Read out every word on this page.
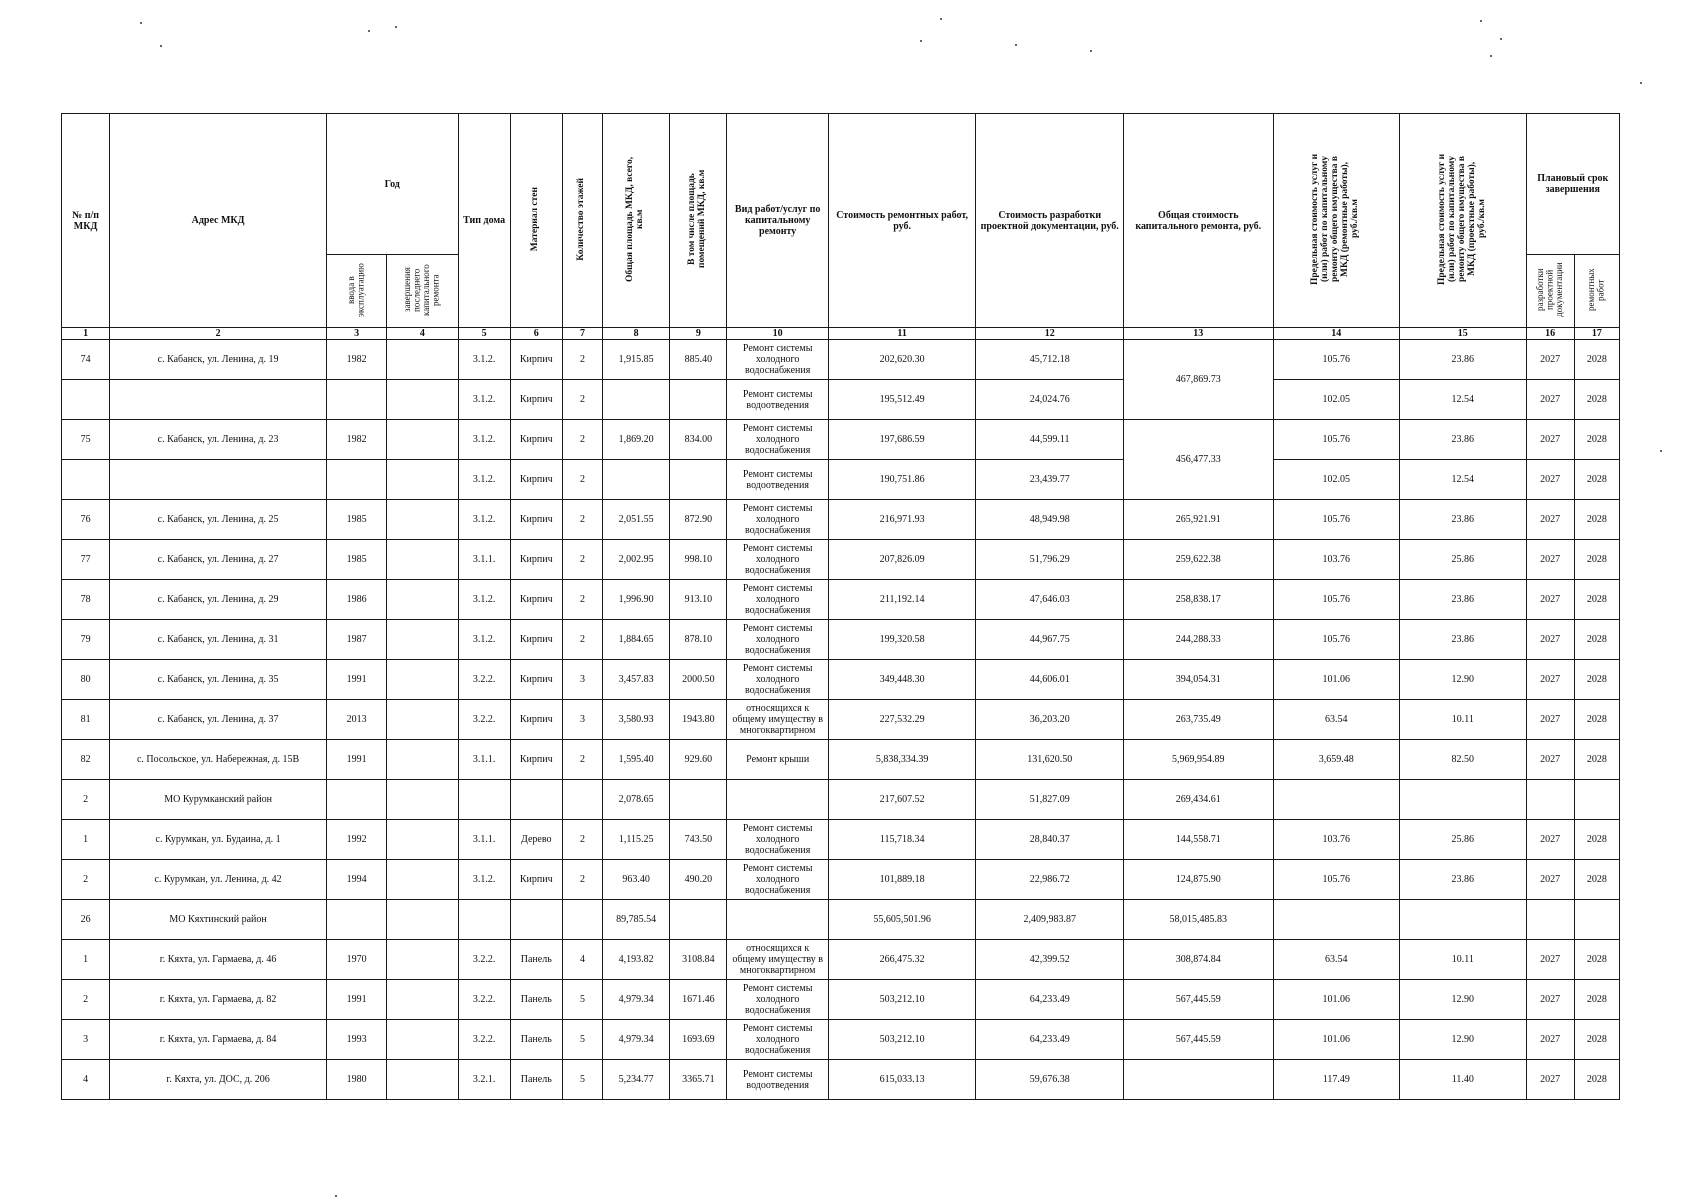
№ п/п МКД	Адрес МКД	Год		Тип дома	Материал стен	Количество этажей	Общая площадь МКД, всего, кв.м	В том числе площадь помещений МКД, кв.м	Вид работ/услуг по капитальному ремонту	Стоимость ремонтных работ, руб.	Стоимость разработки проектной документации, руб.	Общая стоимость капитального ремонта, руб.	Предельная стоимость услуг и (или) работ по капитальному ремонту общего имущества в МКД (ремонтные работы), руб./кв.м	Предельная стоимость услуг и (или) работ по капитальному ремонту общего имущества в МКД (проектные работы), руб./кв.м	Плановый срок завершения	
		ввода в эксплуатацию	завершения последнего капитального ремонта												разработки проектной документации	ремонтных работ
1	2	3	4	5	6	7	8	9	10	11	12	13	14	15	16	17
74	с. Кабанск, ул. Ленина, д. 19	1982		3.1.2.	Кирпич	2	1,915.85	885.40	Ремонт системы холодного водоснабжения	202,620.30	45,712.18	467,869.73	105.76	23.86	2027	2028
				3.1.2.	Кирпич	2			Ремонт системы водоотведения	195,512.49	24,024.76		102.05	12.54	2027	2028
75	с. Кабанск, ул. Ленина, д. 23	1982		3.1.2.	Кирпич	2	1,869.20	834.00	Ремонт системы холодного водоснабжения	197,686.59	44,599.11	456,477.33	105.76	23.86	2027	2028
				3.1.2.	Кирпич	2			Ремонт системы водоотведения	190,751.86	23,439.77		102.05	12.54	2027	2028
76	с. Кабанск, ул. Ленина, д. 25	1985		3.1.2.	Кирпич	2	2,051.55	872.90	Ремонт системы холодного водоснабжения	216,971.93	48,949.98	265,921.91	105.76	23.86	2027	2028
77	с. Кабанск, ул. Ленина, д. 27	1985		3.1.1.	Кирпич	2	2,002.95	998.10	Ремонт системы холодного водоснабжения	207,826.09	51,796.29	259,622.38	103.76	25.86	2027	2028
78	с. Кабанск, ул. Ленина, д. 29	1986		3.1.2.	Кирпич	2	1,996.90	913.10	Ремонт системы холодного водоснабжения	211,192.14	47,646.03	258,838.17	105.76	23.86	2027	2028
79	с. Кабанск, ул. Ленина, д. 31	1987		3.1.2.	Кирпич	2	1,884.65	878.10	Ремонт системы холодного водоснабжения	199,320.58	44,967.75	244,288.33	105.76	23.86	2027	2028
80	с. Кабанск, ул. Ленина, д. 35	1991		3.2.2.	Кирпич	3	3,457.83	2000.50	Ремонт системы холодного водоснабжения	349,448.30	44,606.01	394,054.31	101.06	12.90	2027	2028
81	с. Кабанск, ул. Ленина, д. 37	2013		3.2.2.	Кирпич	3	3,580.93	1943.80	относящихся к общему имуществу в многоквартирном	227,532.29	36,203.20	263,735.49	63.54	10.11	2027	2028
82	с. Посольское, ул. Набережная, д. 15В	1991		3.1.1.	Кирпич	2	1,595.40	929.60	Ремонт крыши	5,838,334.39	131,620.50	5,969,954.89	3,659.48	82.50	2027	2028
2	МО Курумканский район						2,078.65			217,607.52	51,827.09	269,434.61				
1	с. Курумкан, ул. Будаина, д. 1	1992		3.1.1.	Дерево	2	1,115.25	743.50	Ремонт системы холодного водоснабжения	115,718.34	28,840.37	144,558.71	103.76	25.86	2027	2028
2	с. Курумкан, ул. Ленина, д. 42	1994		3.1.2.	Кирпич	2	963.40	490.20	Ремонт системы холодного водоснабжения	101,889.18	22,986.72	124,875.90	105.76	23.86	2027	2028
26	МО Кяхтинский район						89,785.54			55,605,501.96	2,409,983.87	58,015,485.83				
1	г. Кяхта, ул. Гармаева, д. 46	1970		3.2.2.	Панель	4	4,193.82	3108.84	относящихся к общему имуществу в многоквартирном	266,475.32	42,399.52	308,874.84	63.54	10.11	2027	2028
2	г. Кяхта, ул. Гармаева, д. 82	1991		3.2.2.	Панель	5	4,979.34	1671.46	Ремонт системы холодного водоснабжения	503,212.10	64,233.49	567,445.59	101.06	12.90	2027	2028
3	г. Кяхта, ул. Гармаева, д. 84	1993		3.2.2.	Панель	5	4,979.34	1693.69	Ремонт системы холодного водоснабжения	503,212.10	64,233.49	567,445.59	101.06	12.90	2027	2028
4	г. Кяхта, ул. ДОС, д. 206	1980		3.2.1.	Панель	5	5,234.77	3365.71	Ремонт системы водоотведения	615,033.13	59,676.38		117.49	11.40	2027	2028
